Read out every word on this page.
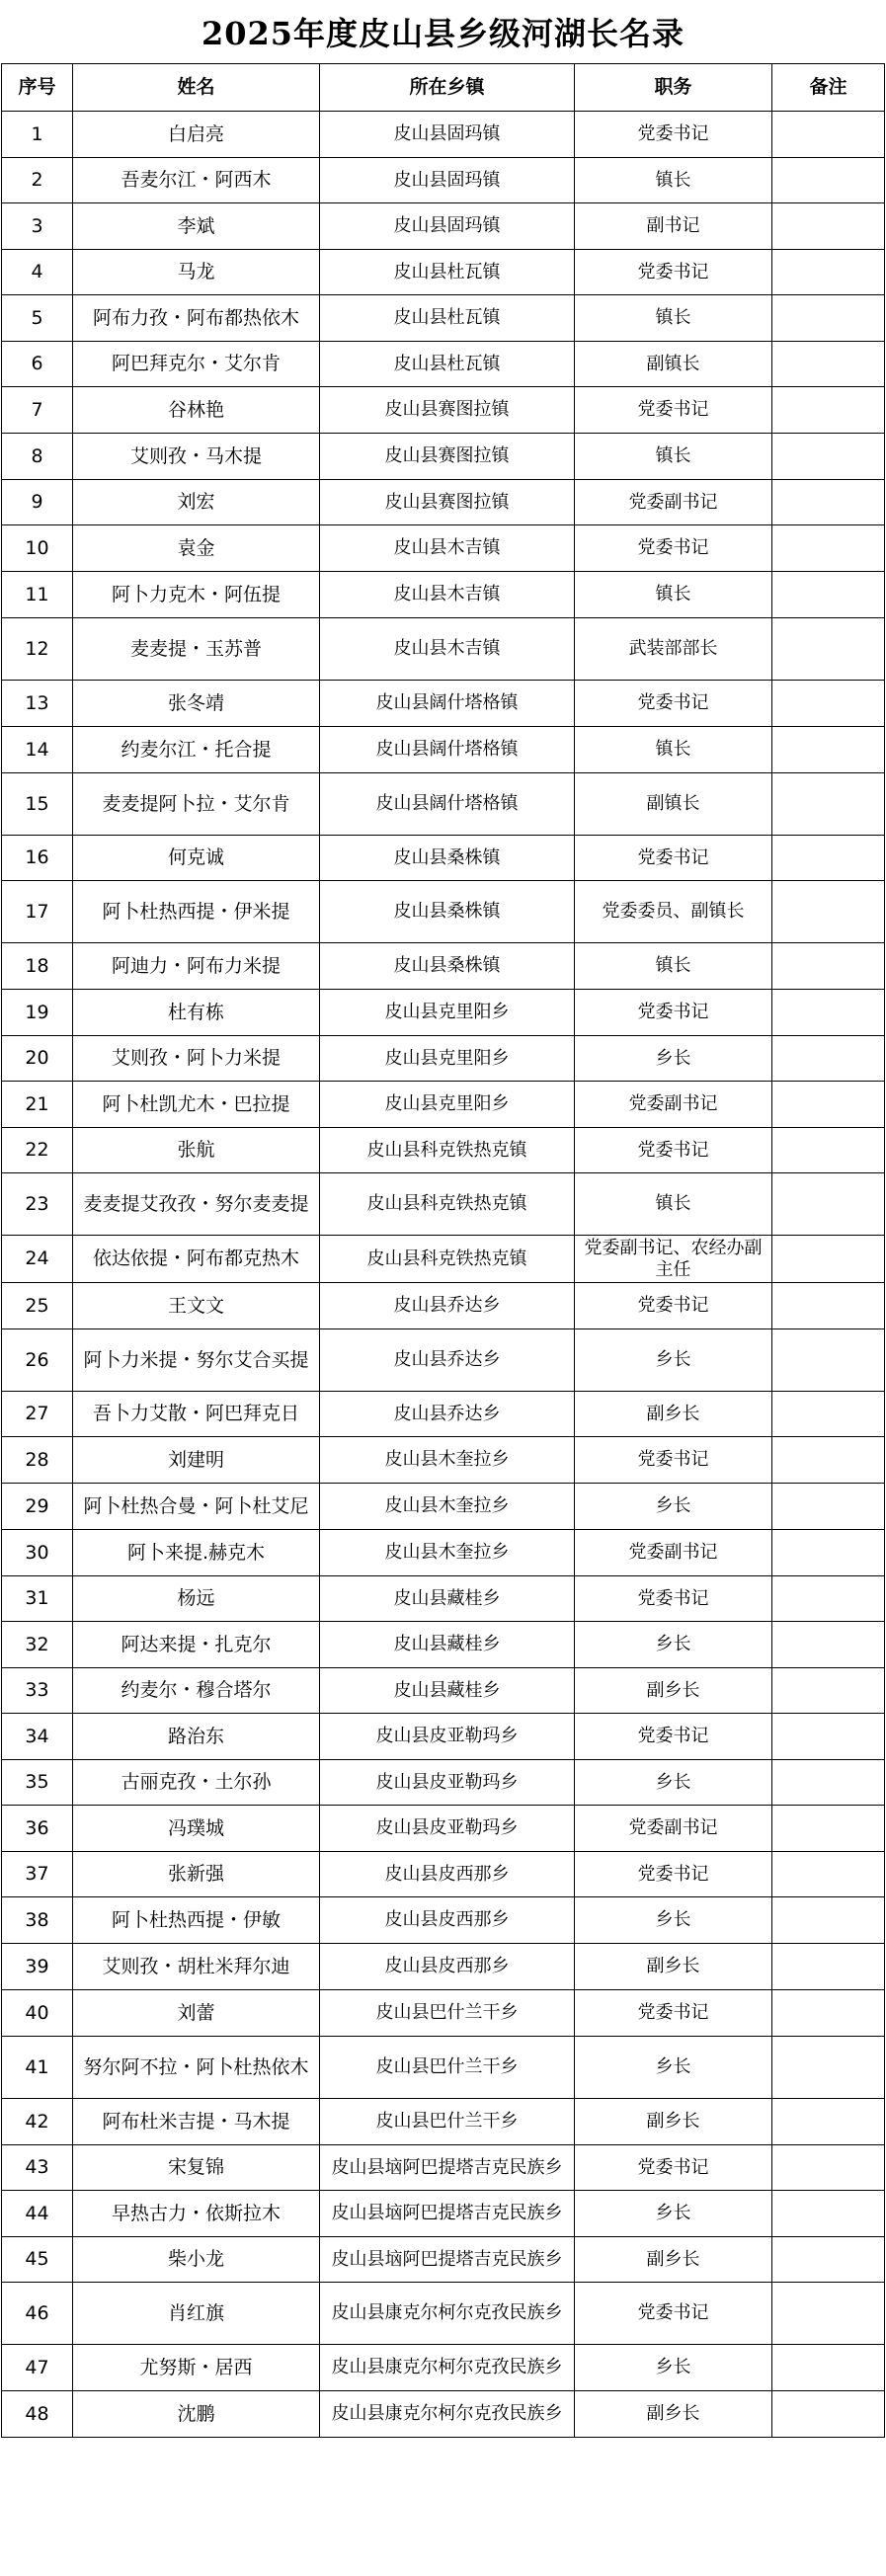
2025年度皮山县乡级河湖长名录
序号	姓名	所在乡镇	职务	备注
1	白启亮	皮山县固玛镇	党委书记	
2	吾麦尔江・阿西木	皮山县固玛镇	镇长	
3	李斌	皮山县固玛镇	副书记	
4	马龙	皮山县杜瓦镇	党委书记	
5	阿布力孜・阿布都热依木	皮山县杜瓦镇	镇长	
6	阿巴拜克尔・艾尔肯	皮山县杜瓦镇	副镇长	
7	谷林艳	皮山县赛图拉镇	党委书记	
8	艾则孜・马木提	皮山县赛图拉镇	镇长	
9	刘宏	皮山县赛图拉镇	党委副书记	
10	袁金	皮山县木吉镇	党委书记	
11	阿卜力克木・阿伍提	皮山县木吉镇	镇长	
12	麦麦提・玉苏普	皮山县木吉镇	武装部部长	
13	张冬靖	皮山县阔什塔格镇	党委书记	
14	约麦尔江・托合提	皮山县阔什塔格镇	镇长	
15	麦麦提阿卜拉・艾尔肯	皮山县阔什塔格镇	副镇长	
16	何克诚	皮山县桑株镇	党委书记	
17	阿卜杜热西提・伊米提	皮山县桑株镇	党委委员、副镇长	
18	阿迪力・阿布力米提	皮山县桑株镇	镇长	
19	杜有栋	皮山县克里阳乡	党委书记	
20	艾则孜・阿卜力米提	皮山县克里阳乡	乡长	
21	阿卜杜凯尤木・巴拉提	皮山县克里阳乡	党委副书记	
22	张航	皮山县科克铁热克镇	党委书记	
23	麦麦提艾孜孜・努尔麦麦提	皮山县科克铁热克镇	镇长	
24	依达依提・阿布都克热木	皮山县科克铁热克镇	党委副书记、农经办副主任	
25	王文文	皮山县乔达乡	党委书记	
26	阿卜力米提・努尔艾合买提	皮山县乔达乡	乡长	
27	吾卜力艾散・阿巴拜克日	皮山县乔达乡	副乡长	
28	刘建明	皮山县木奎拉乡	党委书记	
29	阿卜杜热合曼・阿卜杜艾尼	皮山县木奎拉乡	乡长	
30	阿卜来提.赫克木	皮山县木奎拉乡	党委副书记	
31	杨远	皮山县藏桂乡	党委书记	
32	阿达来提・扎克尔	皮山县藏桂乡	乡长	
33	约麦尔・穆合塔尔	皮山县藏桂乡	副乡长	
34	路治东	皮山县皮亚勒玛乡	党委书记	
35	古丽克孜・土尔孙	皮山县皮亚勒玛乡	乡长	
36	冯璞城	皮山县皮亚勒玛乡	党委副书记	
37	张新强	皮山县皮西那乡	党委书记	
38	阿卜杜热西提・伊敏	皮山县皮西那乡	乡长	
39	艾则孜・胡杜米拜尔迪	皮山县皮西那乡	副乡长	
40	刘蕾	皮山县巴什兰干乡	党委书记	
41	努尔阿不拉・阿卜杜热依木	皮山县巴什兰干乡	乡长	
42	阿布杜米吉提・马木提	皮山县巴什兰干乡	副乡长	
43	宋复锦	皮山县垴阿巴提塔吉克民族乡	党委书记	
44	早热古力・依斯拉木	皮山县垴阿巴提塔吉克民族乡	乡长	
45	柴小龙	皮山县垴阿巴提塔吉克民族乡	副乡长	
46	肖红旗	皮山县康克尔柯尔克孜民族乡	党委书记	
47	尤努斯・居西	皮山县康克尔柯尔克孜民族乡	乡长	
48	沈鹏	皮山县康克尔柯尔克孜民族乡	副乡长	
